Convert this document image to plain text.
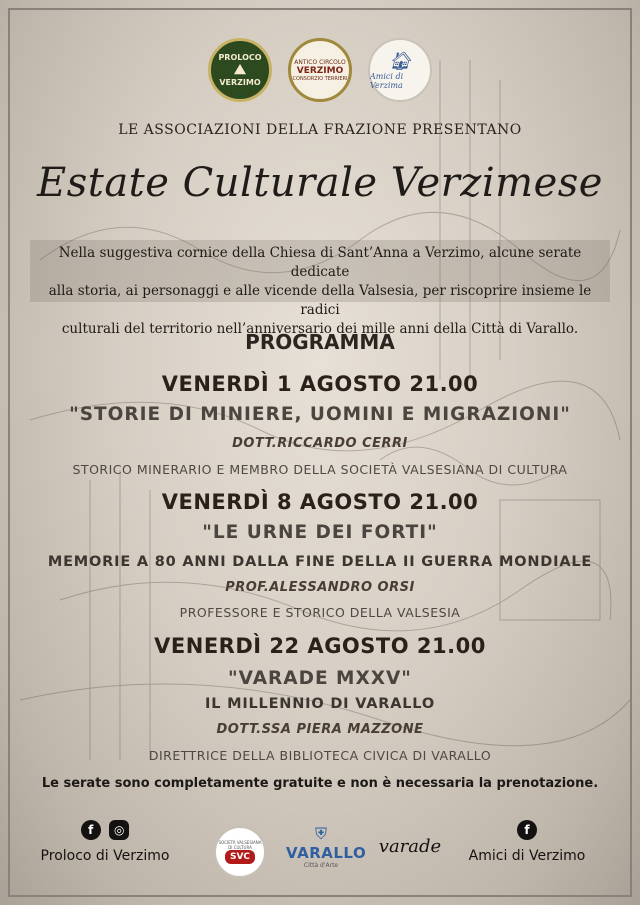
PROLOCO
⛰
VERZIMO
ANTICO CIRCOLO
VERZIMO
CONSORZIO TERRIERI
🏠︎
Amici di Verzima
LE ASSOCIAZIONI DELLA FRAZIONE PRESENTANO
Estate Culturale Verzimese
Nella suggestiva cornice della Chiesa di Sant’Anna a Verzimo, alcune serate dedicate
alla storia, ai personaggi e alle vicende della Valsesia, per riscoprire insieme le radici
culturali del territorio nell’anniversario dei mille anni della Città di Varallo.
PROGRAMMA
VENERDÌ 1 AGOSTO 21.00
"STORIE DI MINIERE, UOMINI E MIGRAZIONI"
DOTT.RICCARDO CERRI
STORICO MINERARIO E MEMBRO DELLA SOCIETÀ VALSESIANA DI CULTURA
VENERDÌ 8 AGOSTO 21.00
"LE URNE DEI FORTI"
MEMORIE A 80 ANNI DALLA FINE DELLA II GUERRA MONDIALE
PROF.ALESSANDRO ORSI
PROFESSORE E STORICO DELLA VALSESIA
VENERDÌ 22 AGOSTO 21.00
"VARADE MXXV"
IL MILLENNIO DI VARALLO
DOTT.SSA PIERA MAZZONE
DIRETTRICE DELLA BIBLIOTECA CIVICA DI VARALLO
Le serate sono completamente gratuite e non è necessaria la prenotazione.
f ◎
Proloco di Verzimo
SOCIETÀ VALSESIANA DI CULTURA
SVC
⛨
VARALLO
Città d'Arte
varade
f
Amici di Verzimo
